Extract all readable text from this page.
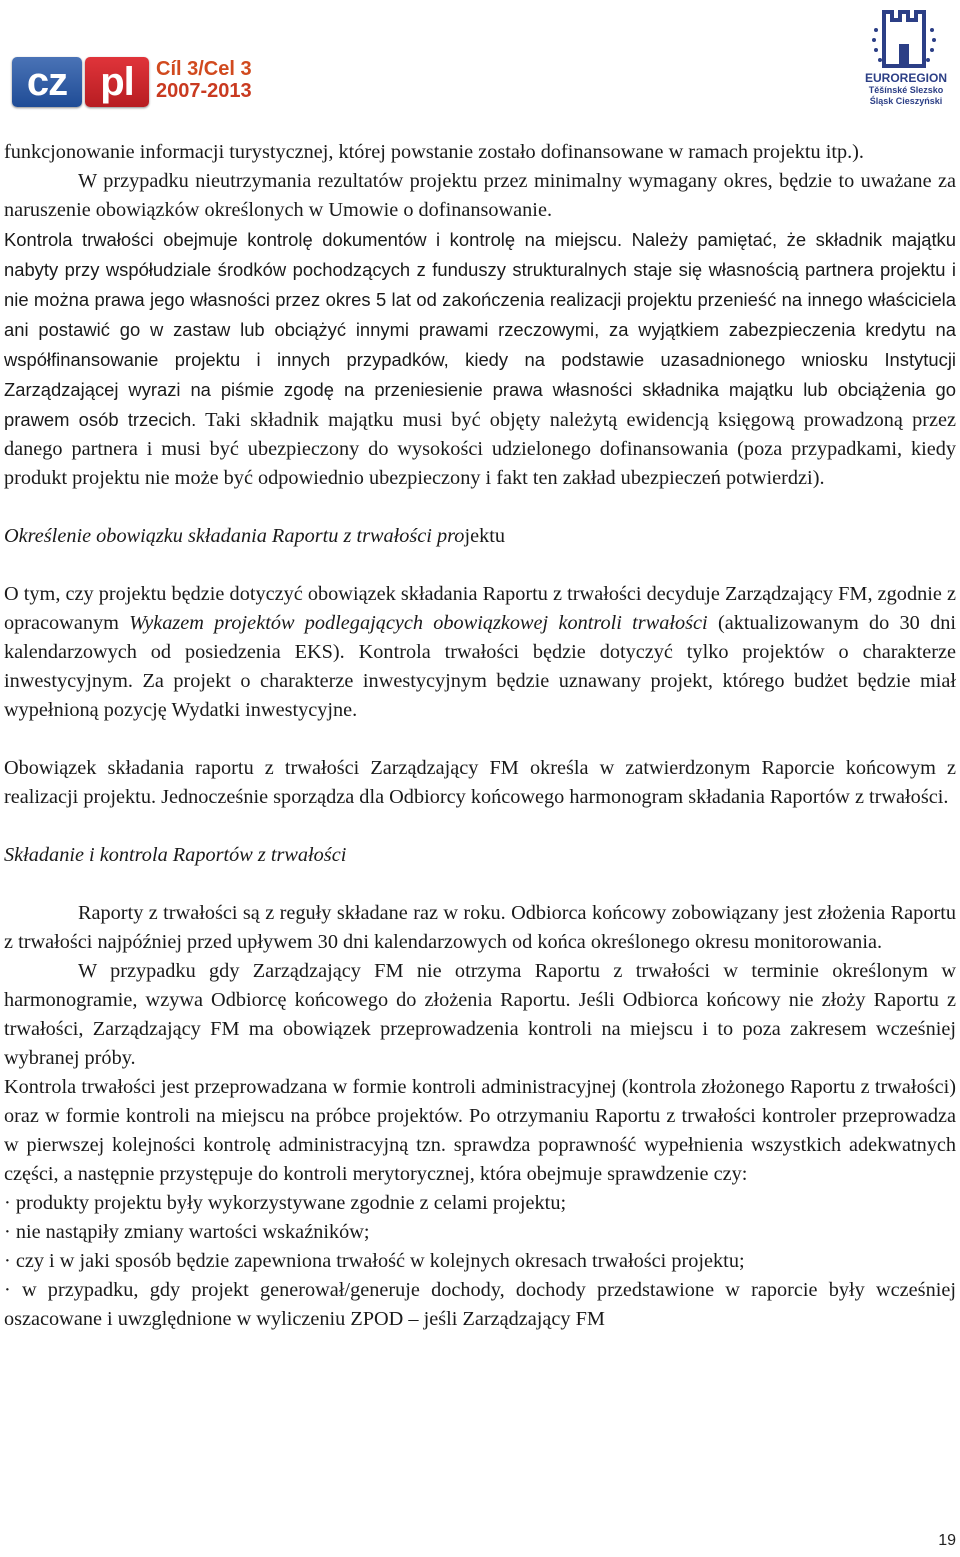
cz pl Cíl 3/Cel 3
2007-2013
EUROREGION
Těšínské Slezsko
Śląsk Cieszyński

funkcjonowanie informacji turystycznej, której powstanie zostało dofinansowane w ramach projektu itp.).

W przypadku nieutrzymania rezultatów projektu przez minimalny wymagany okres, będzie to uważane za naruszenie obowiązków określonych w Umowie o dofinansowanie.

Kontrola trwałości obejmuje kontrolę dokumentów i kontrolę na miejscu. Należy pamiętać, że składnik majątku nabyty przy współudziale środków pochodzących z funduszy strukturalnych staje się własnością partnera projektu i nie można prawa jego własności przez okres 5 lat od zakończenia realizacji projektu przenieść na innego właściciela ani postawić go w zastaw lub obciążyć innymi prawami rzeczowymi, za wyjątkiem zabezpieczenia kredytu na współfinansowanie projektu i innych przypadków, kiedy na podstawie uzasadnionego wniosku Instytucji Zarządzającej wyrazi na piśmie zgodę na przeniesienie prawa własności składnika majątku lub obciążenia go prawem osób trzecich. Taki składnik majątku musi być objęty należytą ewidencją księgową prowadzoną przez danego partnera i musi być ubezpieczony do wysokości udzielonego dofinansowania (poza przypadkami, kiedy produkt projektu nie może być odpowiednio ubezpieczony i fakt ten zakład ubezpieczeń potwierdzi).

Określenie obowiązku składania Raportu z trwałości projektu

O tym, czy projektu będzie dotyczyć obowiązek składania Raportu z trwałości decyduje Zarządzający FM, zgodnie z opracowanym Wykazem projektów podlegających obowiązkowej kontroli trwałości (aktualizowanym do 30 dni kalendarzowych od posiedzenia EKS). Kontrola trwałości będzie dotyczyć tylko projektów o charakterze inwestycyjnym. Za projekt o charakterze inwestycyjnym będzie uznawany projekt, którego budżet będzie miał wypełnioną pozycję Wydatki inwestycyjne.

Obowiązek składania raportu z trwałości Zarządzający FM określa w zatwierdzonym Raporcie końcowym z realizacji projektu. Jednocześnie sporządza dla Odbiorcy końcowego harmonogram składania Raportów z trwałości.

Składanie i kontrola Raportów z trwałości

Raporty z trwałości są z reguły składane raz w roku. Odbiorca końcowy zobowiązany jest złożenia Raportu z trwałości najpóźniej przed upływem 30 dni kalendarzowych od końca określonego okresu monitorowania.

W przypadku gdy Zarządzający FM nie otrzyma Raportu z trwałości w terminie określonym w harmonogramie, wzywa Odbiorcę końcowego do złożenia Raportu. Jeśli Odbiorca końcowy nie złoży Raportu z trwałości, Zarządzający FM ma obowiązek przeprowadzenia kontroli na miejscu i to poza zakresem wcześniej wybranej próby.

Kontrola trwałości jest przeprowadzana w formie kontroli administracyjnej (kontrola złożonego Raportu z trwałości) oraz w formie kontroli na miejscu na próbce projektów. Po otrzymaniu Raportu z trwałości kontroler przeprowadza w pierwszej kolejności kontrolę administracyjną tzn. sprawdza poprawność wypełnienia wszystkich adekwatnych części, a następnie przystępuje do kontroli merytorycznej, która obejmuje sprawdzenie czy:

· produkty projektu były wykorzystywane zgodnie z celami projektu;

· nie nastąpiły zmiany wartości wskaźników;

· czy i w jaki sposób będzie zapewniona trwałość w kolejnych okresach trwałości projektu;

· w przypadku, gdy projekt generował/generuje dochody, dochody przedstawione w raporcie były wcześniej oszacowane i uwzględnione w wyliczeniu ZPOD – jeśli Zarządzający FM

19
